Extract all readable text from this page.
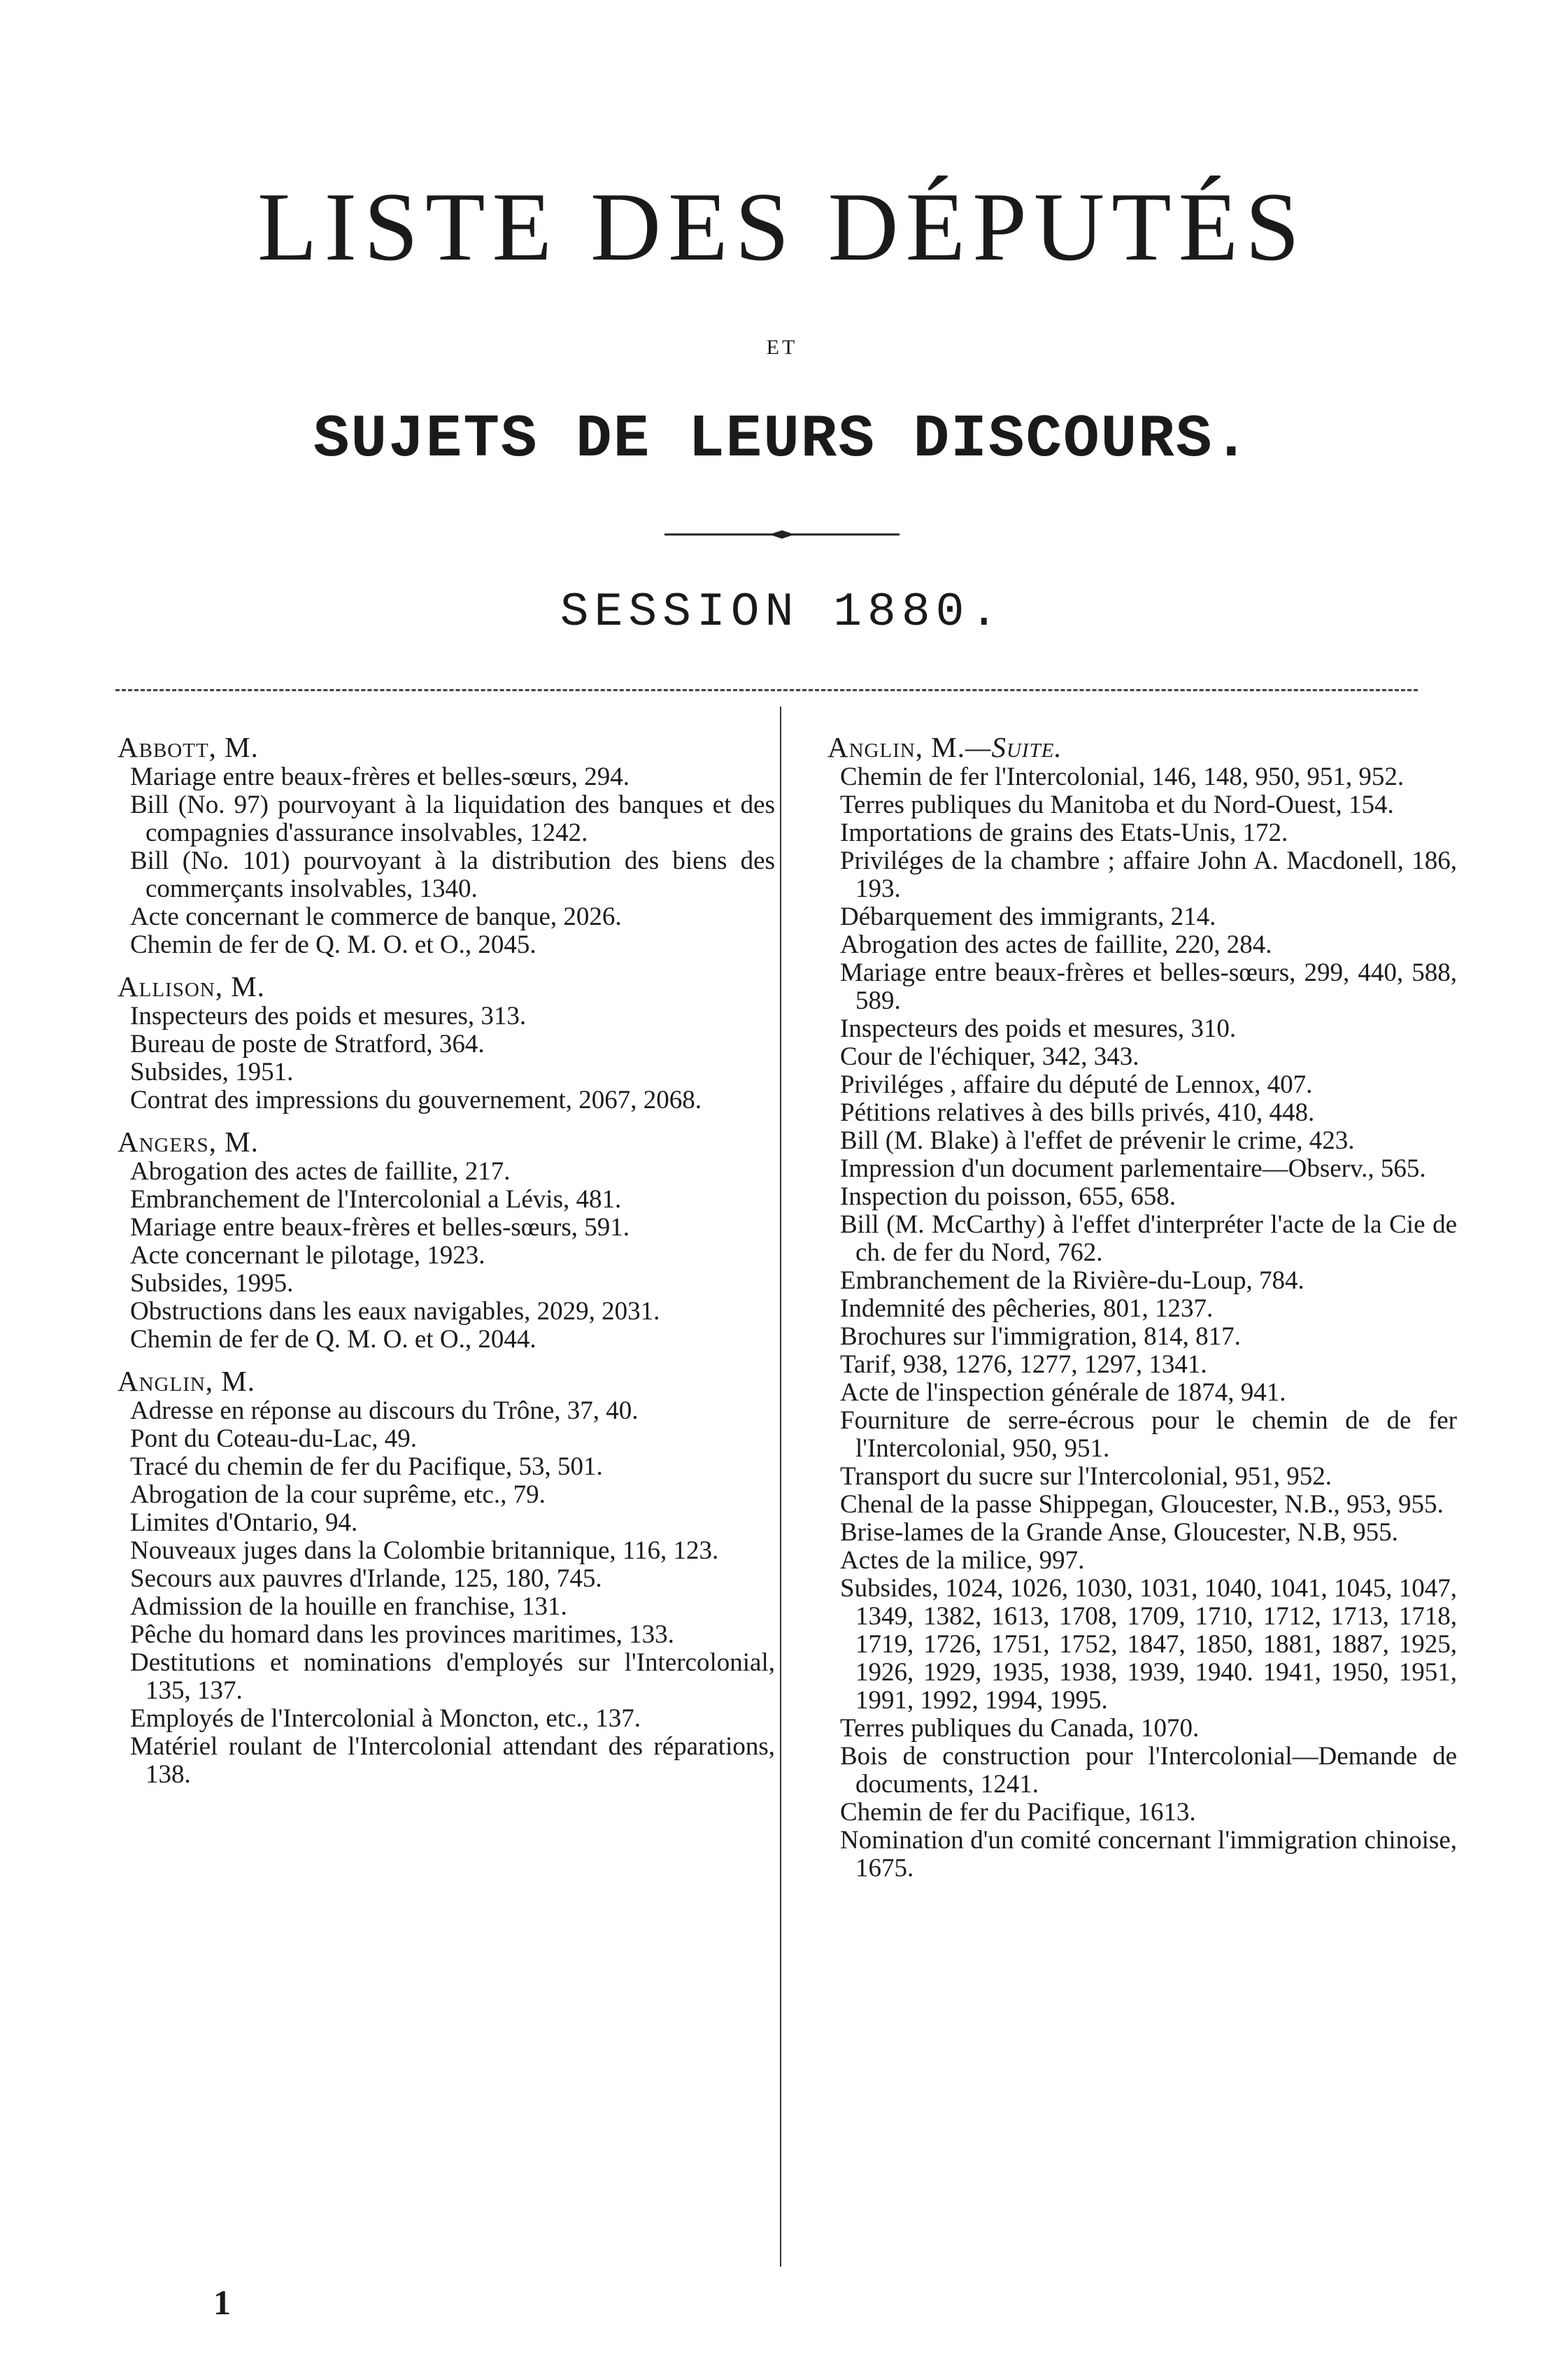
LISTE DES DÉPUTÉS
ET
SUJETS DE LEURS DISCOURS.
SESSION 1880.
Abbott, M.
Mariage entre beaux-frères et belles-sœurs, 294.
Bill (No. 97) pourvoyant à la liquidation des banques et des compagnies d'assurance insolvables, 1242.
Bill (No. 101) pourvoyant à la distribution des biens des commerçants insolvables, 1340.
Acte concernant le commerce de banque, 2026.
Chemin de fer de Q. M. O. et O., 2045.
Allison, M.
Inspecteurs des poids et mesures, 313.
Bureau de poste de Stratford, 364.
Subsides, 1951.
Contrat des impressions du gouvernement, 2067, 2068.
Angers, M.
Abrogation des actes de faillite, 217.
Embranchement de l'Intercolonial a Lévis, 481.
Mariage entre beaux-frères et belles-sœurs, 591.
Acte concernant le pilotage, 1923.
Subsides, 1995.
Obstructions dans les eaux navigables, 2029, 2031.
Chemin de fer de Q. M. O. et O., 2044.
Anglin, M.
Adresse en réponse au discours du Trône, 37, 40.
Pont du Coteau-du-Lac, 49.
Tracé du chemin de fer du Pacifique, 53, 501.
Abrogation de la cour suprême, etc., 79.
Limites d'Ontario, 94.
Nouveaux juges dans la Colombie britannique, 116, 123.
Secours aux pauvres d'Irlande, 125, 180, 745.
Admission de la houille en franchise, 131.
Pêche du homard dans les provinces maritimes, 133.
Destitutions et nominations d'employés sur l'Intercolonial, 135, 137.
Employés de l'Intercolonial à Moncton, etc., 137.
Matériel roulant de l'Intercolonial attendant des réparations, 138.
Anglin, M.—Suite.
Chemin de fer l'Intercolonial, 146, 148, 950, 951, 952.
Terres publiques du Manitoba et du Nord-Ouest, 154.
Importations de grains des Etats-Unis, 172.
Priviléges de la chambre ; affaire John A. Macdonell, 186, 193.
Débarquement des immigrants, 214.
Abrogation des actes de faillite, 220, 284.
Mariage entre beaux-frères et belles-sœurs, 299, 440, 588, 589.
Inspecteurs des poids et mesures, 310.
Cour de l'échiquer, 342, 343.
Priviléges , affaire du député de Lennox, 407.
Pétitions relatives à des bills privés, 410, 448.
Bill (M. Blake) à l'effet de prévenir le crime, 423.
Impression d'un document parlementaire—Observ., 565.
Inspection du poisson, 655, 658.
Bill (M. McCarthy) à l'effet d'interpréter l'acte de la Cie de ch. de fer du Nord, 762.
Embranchement de la Rivière-du-Loup, 784.
Indemnité des pêcheries, 801, 1237.
Brochures sur l'immigration, 814, 817.
Tarif, 938, 1276, 1277, 1297, 1341.
Acte de l'inspection générale de 1874, 941.
Fourniture de serre-écrous pour le chemin de de fer l'Intercolonial, 950, 951.
Transport du sucre sur l'Intercolonial, 951, 952.
Chenal de la passe Shippegan, Gloucester, N.B., 953, 955.
Brise-lames de la Grande Anse, Gloucester, N.B, 955.
Actes de la milice, 997.
Subsides, 1024, 1026, 1030, 1031, 1040, 1041, 1045, 1047, 1349, 1382, 1613, 1708, 1709, 1710, 1712, 1713, 1718, 1719, 1726, 1751, 1752, 1847, 1850, 1881, 1887, 1925, 1926, 1929, 1935, 1938, 1939, 1940. 1941, 1950, 1951, 1991, 1992, 1994, 1995.
Terres publiques du Canada, 1070.
Bois de construction pour l'Intercolonial—Demande de documents, 1241.
Chemin de fer du Pacifique, 1613.
Nomination d'un comité concernant l'immigration chinoise, 1675.
1
